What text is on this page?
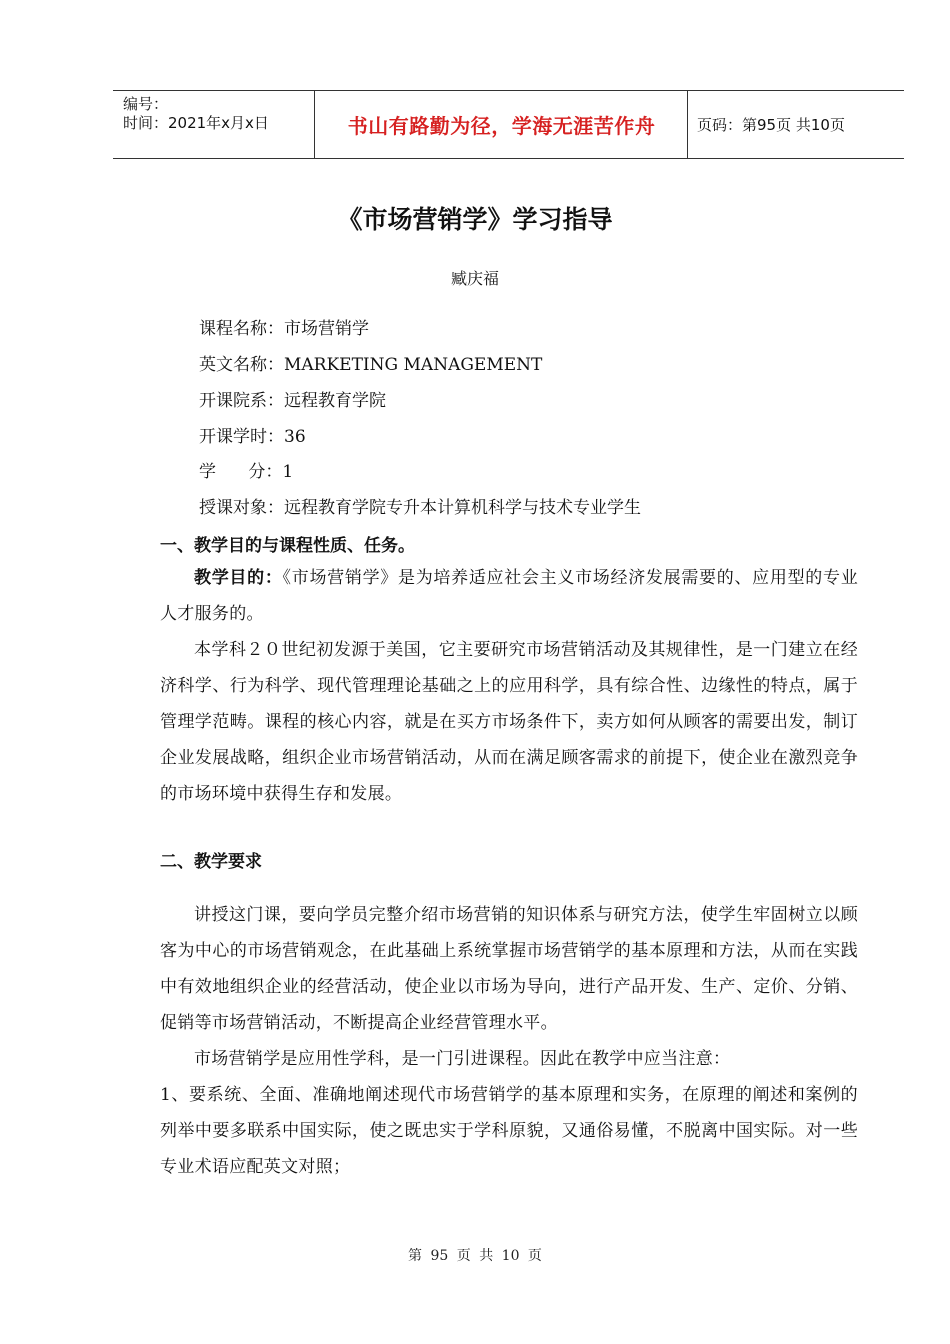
编号：
时间：2021年x月x日	书山有路勤为径，学海无涯苦作舟	页码：第95页 共10页
《市场营销学》学习指导
臧庆福
课程名称：市场营销学
英文名称：MARKETING MANAGEMENT
开课院系：远程教育学院
开课学时：36
学      分：1
授课对象：远程教育学院专升本计算机科学与技术专业学生
一、教学目的与课程性质、任务。
教学目的：《市场营销学》是为培养适应社会主义市场经济发展需要的、应用型的专业人才服务的。
本学科２０世纪初发源于美国，它主要研究市场营销活动及其规律性，是一门建立在经济科学、行为科学、现代管理理论基础之上的应用科学，具有综合性、边缘性的特点，属于管理学范畴。课程的核心内容，就是在买方市场条件下，卖方如何从顾客的需要出发，制订企业发展战略，组织企业市场营销活动，从而在满足顾客需求的前提下，使企业在激烈竞争的市场环境中获得生存和发展。
二、教学要求
讲授这门课，要向学员完整介绍市场营销的知识体系与研究方法，使学生牢固树立以顾客为中心的市场营销观念，在此基础上系统掌握市场营销学的基本原理和方法，从而在实践中有效地组织企业的经营活动，使企业以市场为导向，进行产品开发、生产、定价、分销、促销等市场营销活动，不断提高企业经营管理水平。
市场营销学是应用性学科，是一门引进课程。因此在教学中应当注意：
1、要系统、全面、准确地阐述现代市场营销学的基本原理和实务，在原理的阐述和案例的列举中要多联系中国实际，使之既忠实于学科原貌，又通俗易懂，不脱离中国实际。对一些专业术语应配英文对照；
第 95 页 共 10 页
